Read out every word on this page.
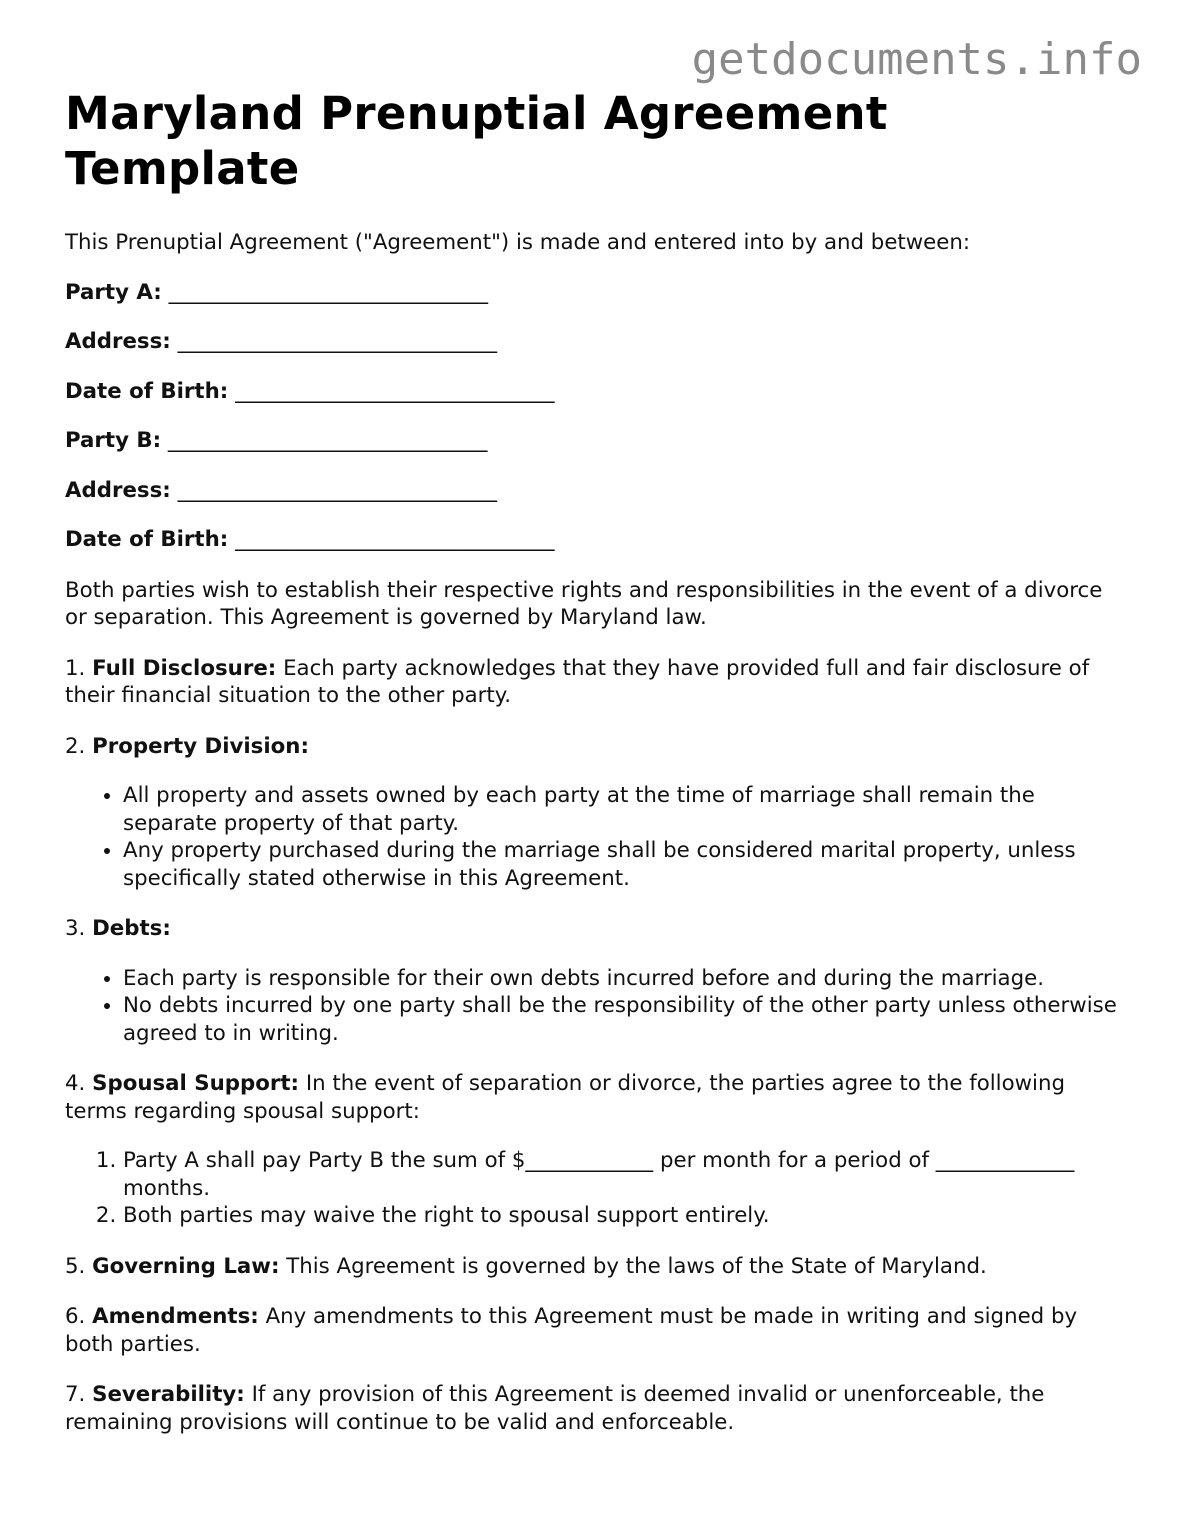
getdocuments.info
Maryland Prenuptial Agreement Template

This Prenuptial Agreement ("Agreement") is made and entered into by and between:

Party A: ______________________________

Address: ______________________________

Date of Birth: ______________________________

Party B: ______________________________

Address: ______________________________

Date of Birth: ______________________________

Both parties wish to establish their respective rights and responsibilities in the event of a divorce or separation. This Agreement is governed by Maryland law.

1. Full Disclosure: Each party acknowledges that they have provided full and fair disclosure of their financial situation to the other party.

2. Property Division:

• All property and assets owned by each party at the time of marriage shall remain the separate property of that party.
• Any property purchased during the marriage shall be considered marital property, unless specifically stated otherwise in this Agreement.

3. Debts:

• Each party is responsible for their own debts incurred before and during the marriage.
• No debts incurred by one party shall be the responsibility of the other party unless otherwise agreed to in writing.

4. Spousal Support: In the event of separation or divorce, the parties agree to the following terms regarding spousal support:

1. Party A shall pay Party B the sum of $____________ per month for a period of _____________ months.
2. Both parties may waive the right to spousal support entirely.

5. Governing Law: This Agreement is governed by the laws of the State of Maryland.

6. Amendments: Any amendments to this Agreement must be made in writing and signed by both parties.

7. Severability: If any provision of this Agreement is deemed invalid or unenforceable, the remaining provisions will continue to be valid and enforceable.
